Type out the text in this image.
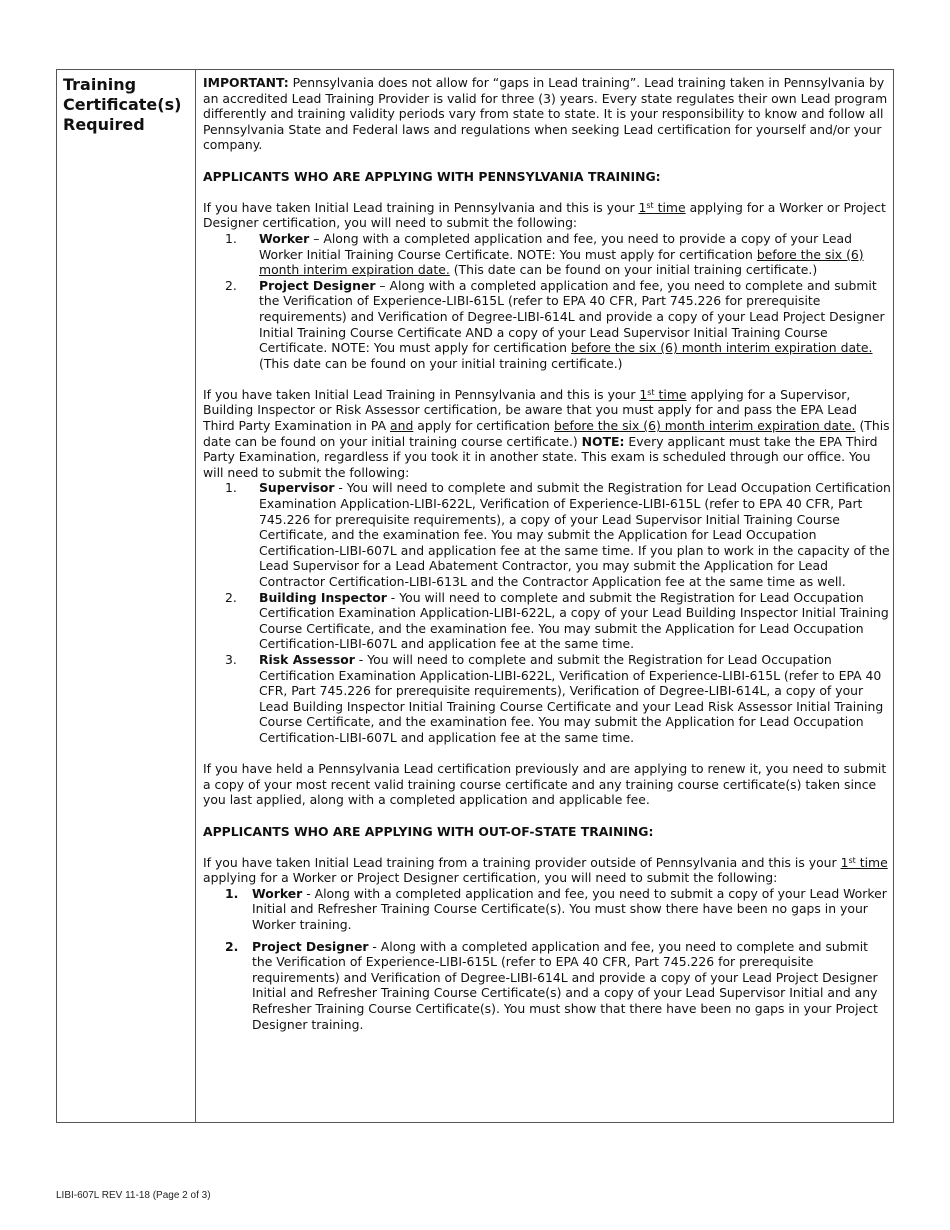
Training
Certificate(s)
Required

IMPORTANT: Pennsylvania does not allow for “gaps in Lead training”. Lead training taken in Pennsylvania by an accredited Lead Training Provider is valid for three (3) years. Every state regulates their own Lead program differently and training validity periods vary from state to state. It is your responsibility to know and follow all Pennsylvania State and Federal laws and regulations when seeking Lead certification for yourself and/or your company.

APPLICANTS WHO ARE APPLYING WITH PENNSYLVANIA TRAINING:

If you have taken Initial Lead training in Pennsylvania and this is your 1st time applying for a Worker or Project Designer certification, you will need to submit the following:

1. Worker – Along with a completed application and fee, you need to provide a copy of your Lead Worker Initial Training Course Certificate. NOTE: You must apply for certification before the six (6) month interim expiration date. (This date can be found on your initial training certificate.)
2. Project Designer – Along with a completed application and fee, you need to complete and submit the Verification of Experience-LIBI-615L (refer to EPA 40 CFR, Part 745.226 for prerequisite requirements) and Verification of Degree-LIBI-614L and provide a copy of your Lead Project Designer Initial Training Course Certificate AND a copy of your Lead Supervisor Initial Training Course Certificate. NOTE: You must apply for certification before the six (6) month interim expiration date. (This date can be found on your initial training certificate.)

If you have taken Initial Lead Training in Pennsylvania and this is your 1st time applying for a Supervisor, Building Inspector or Risk Assessor certification, be aware that you must apply for and pass the EPA Lead Third Party Examination in PA and apply for certification before the six (6) month interim expiration date. (This date can be found on your initial training course certificate.) NOTE: Every applicant must take the EPA Third Party Examination, regardless if you took it in another state. This exam is scheduled through our office. You will need to submit the following:

1. Supervisor - You will need to complete and submit the Registration for Lead Occupation Certification Examination Application-LIBI-622L, Verification of Experience-LIBI-615L (refer to EPA 40 CFR, Part 745.226 for prerequisite requirements), a copy of your Lead Supervisor Initial Training Course Certificate, and the examination fee. You may submit the Application for Lead Occupation Certification-LIBI-607L and application fee at the same time. If you plan to work in the capacity of the Lead Supervisor for a Lead Abatement Contractor, you may submit the Application for Lead Contractor Certification-LIBI-613L and the Contractor Application fee at the same time as well.
2. Building Inspector - You will need to complete and submit the Registration for Lead Occupation Certification Examination Application-LIBI-622L, a copy of your Lead Building Inspector Initial Training Course Certificate, and the examination fee. You may submit the Application for Lead Occupation Certification-LIBI-607L and application fee at the same time.
3. Risk Assessor - You will need to complete and submit the Registration for Lead Occupation Certification Examination Application-LIBI-622L, Verification of Experience-LIBI-615L (refer to EPA 40 CFR, Part 745.226 for prerequisite requirements), Verification of Degree-LIBI-614L, a copy of your Lead Building Inspector Initial Training Course Certificate and your Lead Risk Assessor Initial Training Course Certificate, and the examination fee. You may submit the Application for Lead Occupation Certification-LIBI-607L and application fee at the same time.

If you have held a Pennsylvania Lead certification previously and are applying to renew it, you need to submit a copy of your most recent valid training course certificate and any training course certificate(s) taken since you last applied, along with a completed application and applicable fee.

APPLICANTS WHO ARE APPLYING WITH OUT-OF-STATE TRAINING:

If you have taken Initial Lead training from a training provider outside of Pennsylvania and this is your 1st time applying for a Worker or Project Designer certification, you will need to submit the following:

1. Worker - Along with a completed application and fee, you need to submit a copy of your Lead Worker Initial and Refresher Training Course Certificate(s). You must show there have been no gaps in your Worker training.
2. Project Designer - Along with a completed application and fee, you need to complete and submit the Verification of Experience-LIBI-615L (refer to EPA 40 CFR, Part 745.226 for prerequisite requirements) and Verification of Degree-LIBI-614L and provide a copy of your Lead Project Designer Initial and Refresher Training Course Certificate(s) and a copy of your Lead Supervisor Initial and any Refresher Training Course Certificate(s). You must show that there have been no gaps in your Project Designer training.
LIBI-607L REV 11-18 (Page 2 of 3)
